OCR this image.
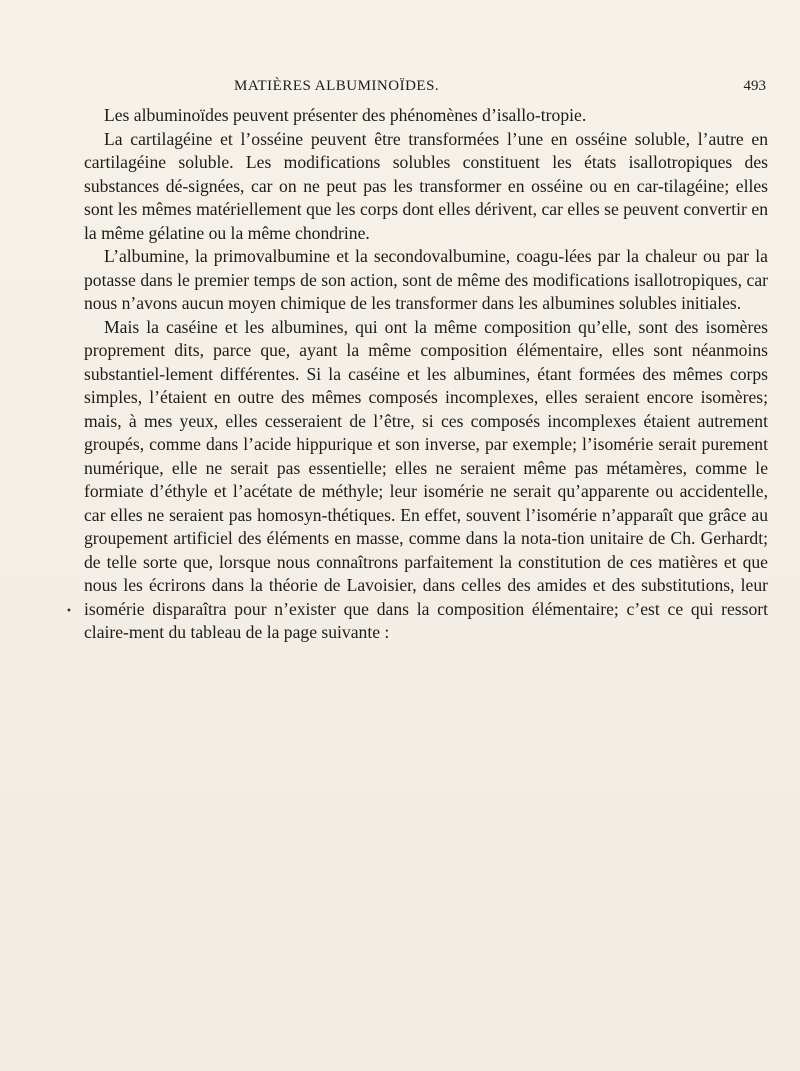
MATIÈRES ALBUMINOÏDES.	493

Les albuminoïdes peuvent présenter des phénomènes d’isallo-tropie.

La cartilagéine et l’osséine peuvent être transformées l’une en osséine soluble, l’autre en cartilagéine soluble. Les modifications solubles constituent les états isallotropiques des substances dé-signées, car on ne peut pas les transformer en osséine ou en car-tilagéine; elles sont les mêmes matériellement que les corps dont elles dérivent, car elles se peuvent convertir en la même gélatine ou la même chondrine.

L’albumine, la primovalbumine et la secondovalbumine, coagu-lées par la chaleur ou par la potasse dans le premier temps de son action, sont de même des modifications isallotropiques, car nous n’avons aucun moyen chimique de les transformer dans les albumines solubles initiales.

Mais la caséine et les albumines, qui ont la même composition qu’elle, sont des isomères proprement dits, parce que, ayant la même composition élémentaire, elles sont néanmoins substantiel-lement différentes. Si la caséine et les albumines, étant formées des mêmes corps simples, l’étaient en outre des mêmes composés incomplexes, elles seraient encore isomères; mais, à mes yeux, elles cesseraient de l’être, si ces composés incomplexes étaient autrement groupés, comme dans l’acide hippurique et son inverse, par exemple; l’isomérie serait purement numérique, elle ne serait pas essentielle; elles ne seraient même pas métamères, comme le formiate d’éthyle et l’acétate de méthyle; leur isomérie ne serait qu’apparente ou accidentelle, car elles ne seraient pas homosyn-thétiques. En effet, souvent l’isomérie n’apparaît que grâce au groupement artificiel des éléments en masse, comme dans la nota-tion unitaire de Ch. Gerhardt; de telle sorte que, lorsque nous connaîtrons parfaitement la constitution de ces matières et que nous les écrirons dans la théorie de Lavoisier, dans celles des amides et des substitutions, leur isomérie disparaîtra pour n’exister que dans la composition élémentaire; c’est ce qui ressort claire-ment du tableau de la page suivante :

•
